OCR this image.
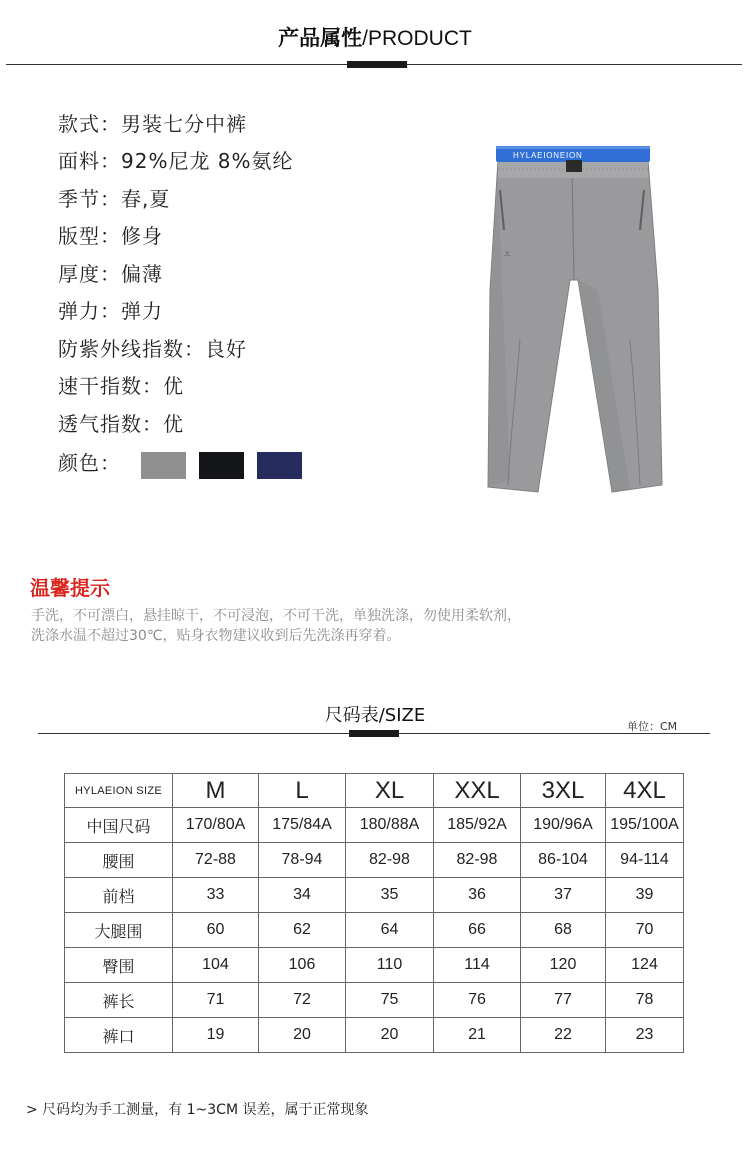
产品属性/PRODUCT
款式：男装七分中裤
面料：92%尼龙 8%氨纶
季节：春,夏
版型：修身
厚度：偏薄
弹力：弹力
防紫外线指数：良好
速干指数：优
透气指数：优
颜色：
HYLAEIONEION
⩡
温馨提示
手洗，不可漂白，悬挂晾干，不可浸泡，不可干洗，单独洗涤，勿使用柔软剂，
洗涤水温不超过30℃，贴身衣物建议收到后先洗涤再穿着。
尺码表/SIZE
单位：CM
HYLAEION SIZE	M	L	XL	XXL	3XL	4XL
中国尺码	170/80A	175/84A	180/88A	185/92A	190/96A	195/100A
腰围	72-88	78-94	82-98	82-98	86-104	94-114
前档	33	34	35	36	37	39
大腿围	60	62	64	66	68	70
臀围	104	106	110	114	120	124
裤长	71	72	75	76	77	78
裤口	19	20	20	21	22	23
> 尺码均为手工测量，有 1~3CM 误差，属于正常现象
